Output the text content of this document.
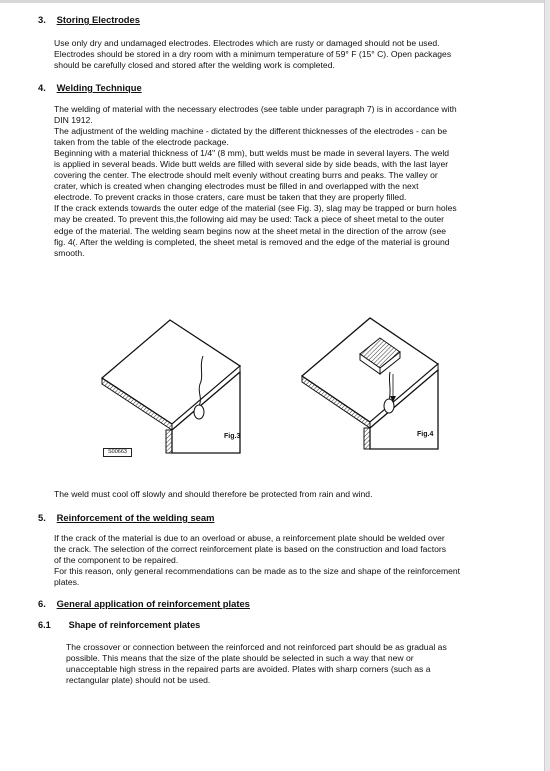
3. Storing Electrodes
Use only dry and undamaged electrodes. Electrodes which are rusty or damaged should not be used.
Electrodes should be stored in a dry room with a minimum temperature of 59° F (15° C). Open packages
should be carefully closed and stored after the welding work is completed.
4. Welding Technique
The welding of material with the necessary electrodes (see table under paragraph 7) is in accordance with
DIN 1912.
The adjustment of the welding machine - dictated by the different thicknesses of the electrodes - can be
taken from the table of the electrode package.
Beginning with a material thickness of 1/4" (8 mm), butt welds must be made in several layers. The weld
is applied in several beads. Wide butt welds are filled with several side by side beads, with the last layer
covering the center. The electrode should melt evenly without creating burrs and peaks. The valley or
crater, which is created when changing electrodes must be filled in and overlapped with the next
electrode. To prevent cracks in those craters, care must be taken that they are properly filled.
If the crack extends towards the outer edge of the material (see Fig. 3), slag may be trapped or burn holes
may be created. To prevent this,the following aid may be used: Tack a piece of sheet metal to the outer
edge of the material. The welding seam begins now at the sheet metal in the direction of the arrow (see
fig. 4(. After the welding is completed, the sheet metal is removed and the edge of the material is ground
smooth.
Fig.3
S00663
Fig.4
The weld must cool off slowly and should therefore be protected from rain and wind.
5. Reinforcement of the welding seam
If the crack of the material is due to an overload or abuse, a reinforcement plate should be welded over
the crack. The selection of the correct reinforcement plate is based on the construction and load factors
of the component to be repaired.
For this reason, only general recommendations can be made as to the size and shape of the reinforcement
plates.
6. General application of reinforcement plates
6.1 Shape of reinforcement plates
The crossover or connection between the reinforced and not reinforced part should be as gradual as
possible. This means that the size of the plate should be selected in such a way that new or
unacceptable high stress in the repaired parts are avoided. Plates with sharp corners (such as a
rectangular plate) should not be used.
